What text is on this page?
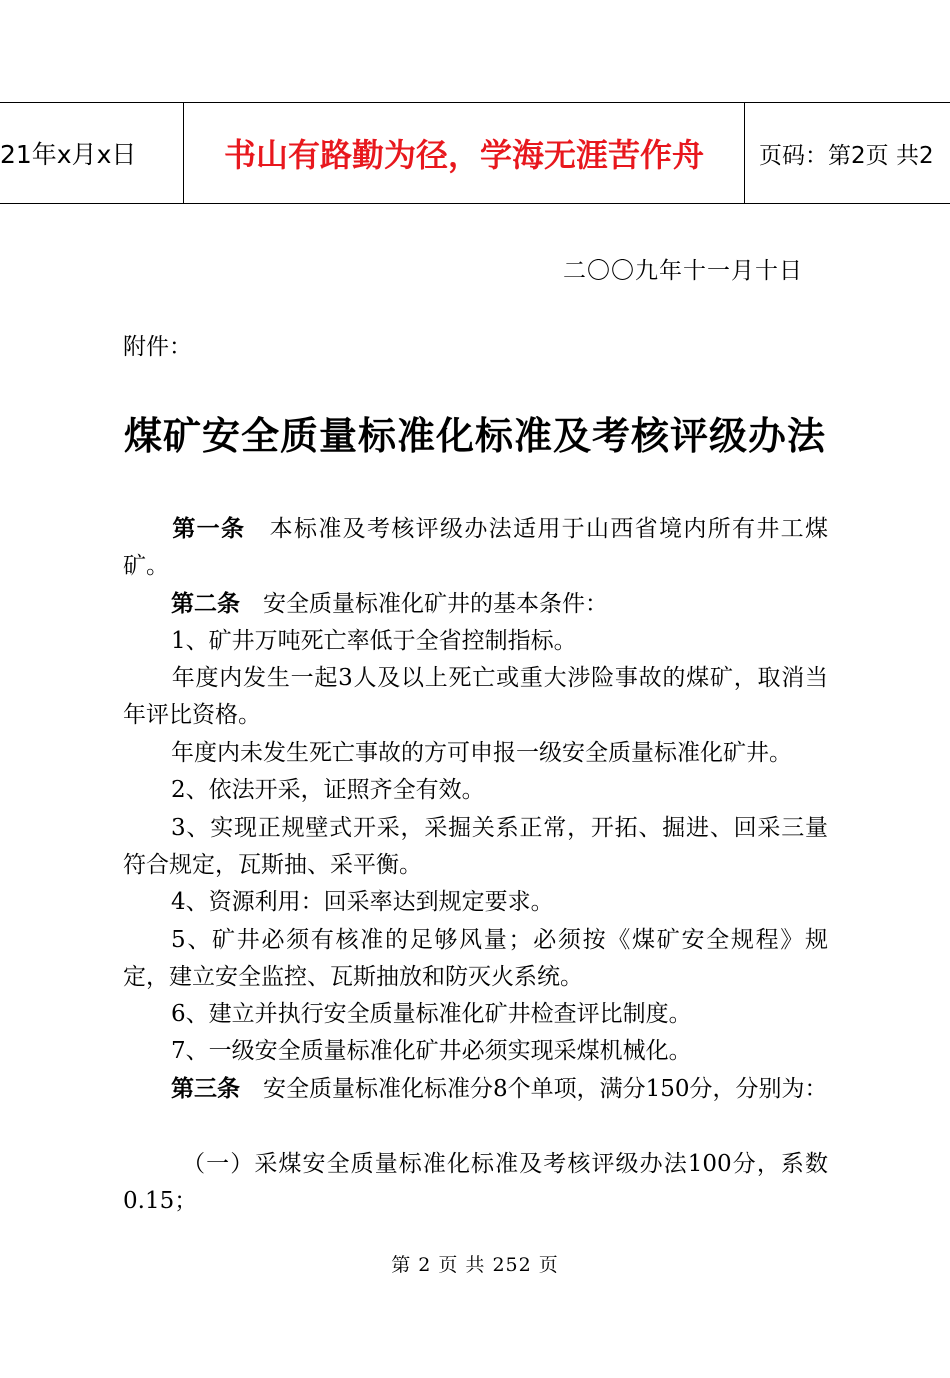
21年x月x日	书山有路勤为径，学海无涯苦作舟	页码：第2页 共2
二〇〇九年十一月十日
附件：
煤矿安全质量标准化标准及考核评级办法

第一条　本标准及考核评级办法适用于山西省境内所有井工煤矿。

第二条　安全质量标准化矿井的基本条件：

1、矿井万吨死亡率低于全省控制指标。

年度内发生一起3人及以上死亡或重大涉险事故的煤矿，取消当年评比资格。

年度内未发生死亡事故的方可申报一级安全质量标准化矿井。

2、依法开采，证照齐全有效。

3、实现正规壁式开采，采掘关系正常，开拓、掘进、回采三量符合规定，瓦斯抽、采平衡。

4、资源利用：回采率达到规定要求。

5、矿井必须有核准的足够风量；必须按《煤矿安全规程》规定，建立安全监控、瓦斯抽放和防灭火系统。

6、建立并执行安全质量标准化矿井检查评比制度。

7、一级安全质量标准化矿井必须实现采煤机械化。

第三条　安全质量标准化标准分8个单项，满分150分，分别为：

（一）采煤安全质量标准化标准及考核评级办法100分，系数0.15；

第 2 页 共 252 页
